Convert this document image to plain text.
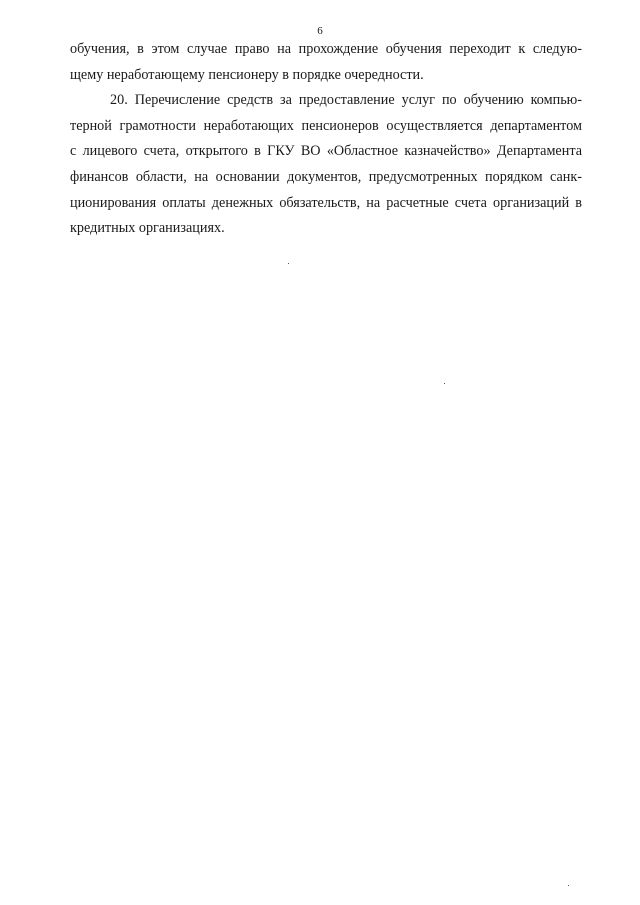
6
обучения, в этом случае право на прохождение обучения переходит к следую-
щему неработающему пенсионеру в порядке очередности.
20. Перечисление средств за предоставление услуг по обучению компью-
терной грамотности неработающих пенсионеров осуществляется департаментом
с лицевого счета, открытого в ГКУ ВО «Областное казначейство» Департамента
финансов области, на основании документов, предусмотренных порядком санк-
ционирования оплаты денежных обязательств, на расчетные счета организаций в
кредитных организациях.
